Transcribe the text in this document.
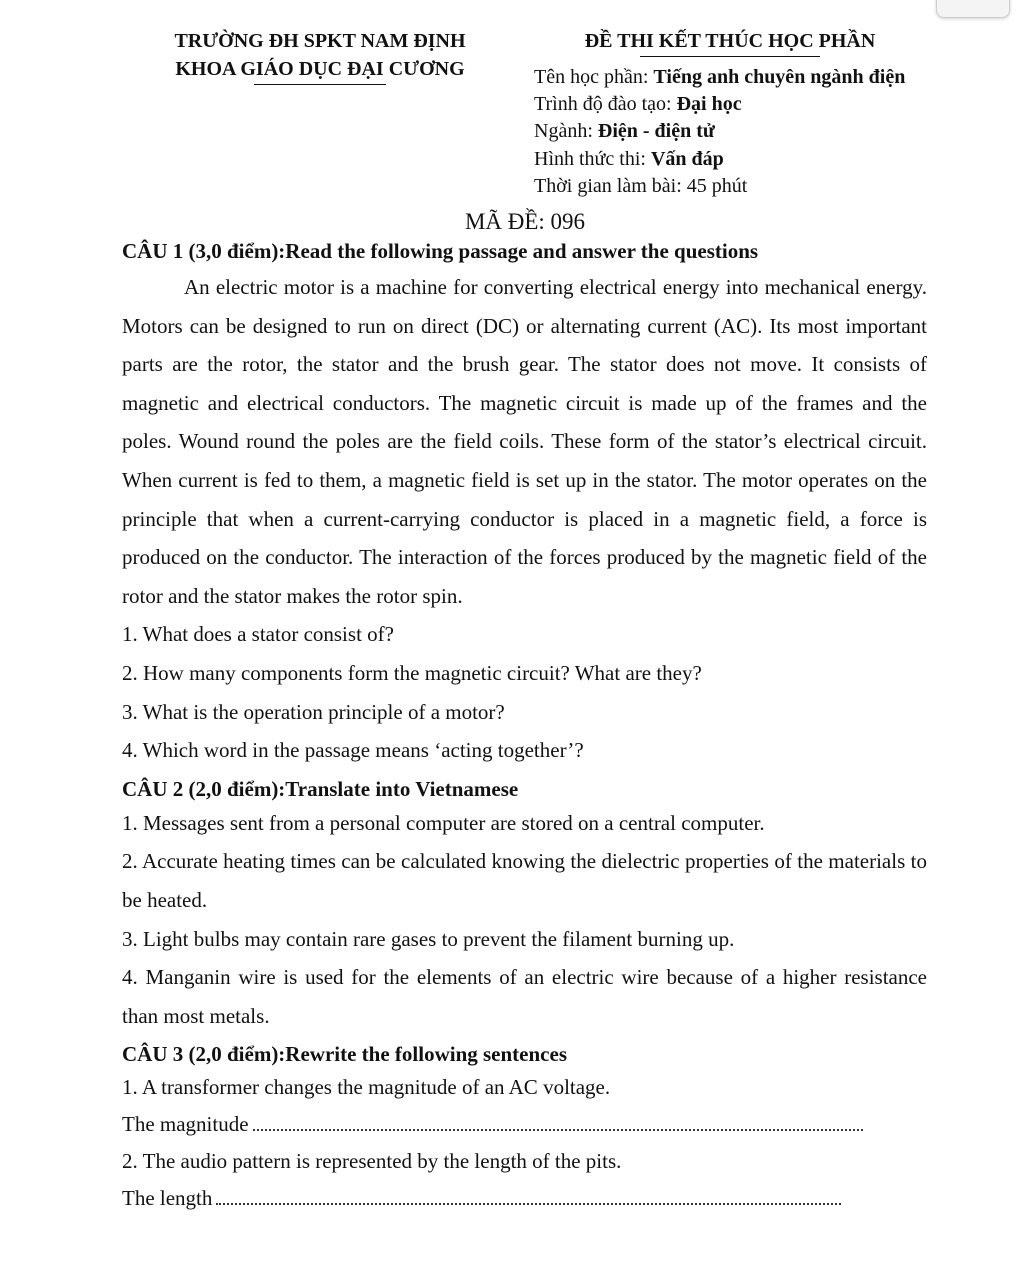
TRƯỜNG ĐH SPKT NAM ĐỊNH
KHOA GIÁO DỤC ĐẠI CƯƠNG
ĐỀ THI KẾT THÚC HỌC PHẦN
Tên học phần: Tiếng anh chuyên ngành điện
Trình độ đào tạo: Đại học
Ngành: Điện - điện tử
Hình thức thi: Vấn đáp
Thời gian làm bài: 45 phút
MÃ ĐỀ: 096

CÂU 1 (3,0 điểm):Read the following passage and answer the questions

An electric motor is a machine for converting electrical energy into mechanical energy. Motors can be designed to run on direct (DC) or alternating current (AC). Its most important parts are the rotor, the stator and the brush gear. The stator does not move. It consists of magnetic and electrical conductors. The magnetic circuit is made up of the frames and the poles. Wound round the poles are the field coils. These form of the stator’s electrical circuit. When current is fed to them, a magnetic field is set up in the stator. The motor operates on the principle that when a current-carrying conductor is placed in a magnetic field, a force is produced on the conductor. The interaction of the forces produced by the magnetic field of the rotor and the stator makes the rotor spin.

1. What does a stator consist of?

2. How many components form the magnetic circuit? What are they?

3. What is the operation principle of a motor?

4. Which word in the passage means ‘acting together’?

CÂU 2 (2,0 điểm):Translate into Vietnamese

1. Messages sent from a personal computer are stored on a central computer.

2. Accurate heating times can be calculated knowing the dielectric properties of the materials to be heated.

3. Light bulbs may contain rare gases to prevent the filament burning up.

4. Manganin wire is used for the elements of an electric wire because of a higher resistance than most metals.

CÂU 3 (2,0 điểm):Rewrite the following sentences

1. A transformer changes the magnitude of an AC voltage.

The magnitude

2. The audio pattern is represented by the length of the pits.

The length
